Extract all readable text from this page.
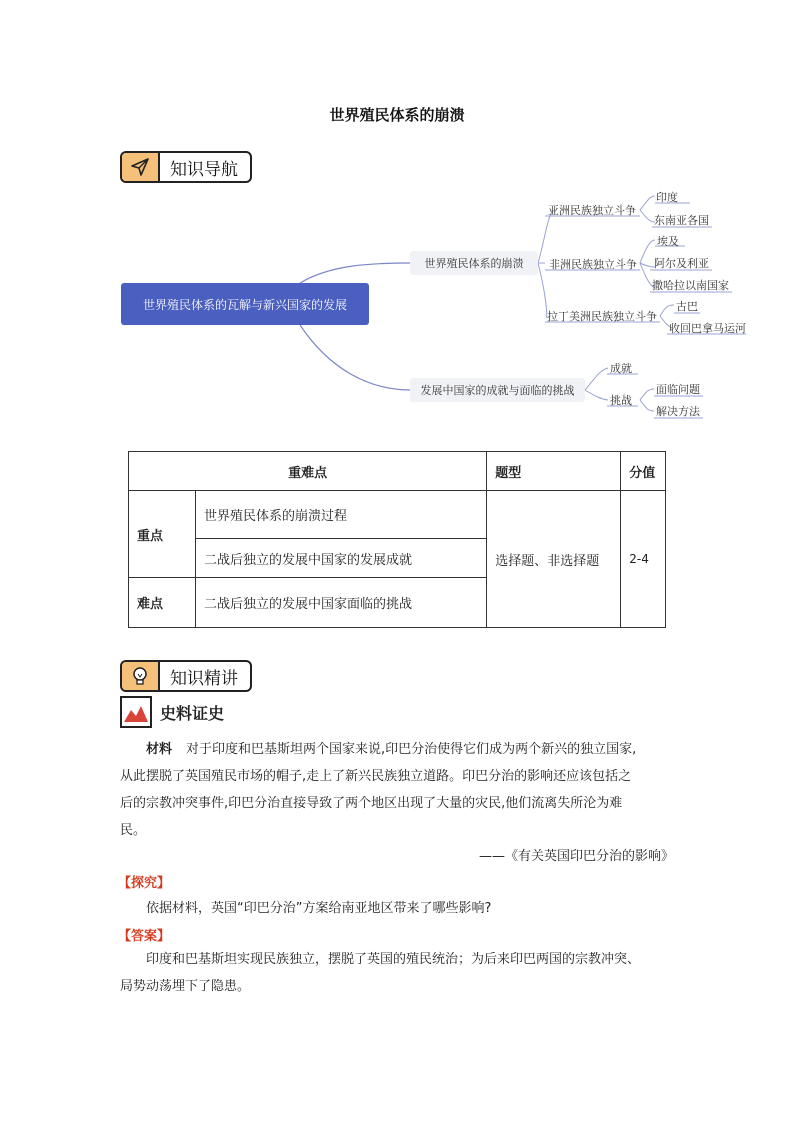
世界殖民体系的崩溃
知识导航
世界殖民体系的瓦解与新兴国家的发展
世界殖民体系的崩溃
发展中国家的成就与面临的挑战
亚洲民族独立斗争
印度
东南亚各国
非洲民族独立斗争
埃及
阿尔及利亚
撒哈拉以南国家
拉丁美洲民族独立斗争
古巴
收回巴拿马运河
成就
挑战
面临问题
解决方法
重难点		题型	分值
重点	世界殖民体系的崩溃过程	选择题、非选择题	2-4
	二战后独立的发展中国家的发展成就		
难点	二战后独立的发展中国家面临的挑战		
知识精讲
史料证史
材料 对于印度和巴基斯坦两个国家来说,印巴分治使得它们成为两个新兴的独立国家,
从此摆脱了英国殖民市场的帽子,走上了新兴民族独立道路。印巴分治的影响还应该包括之
后的宗教冲突事件,印巴分治直接导致了两个地区出现了大量的灾民,他们流离失所沦为难
民。
——《有关英国印巴分治的影响》
【探究】
依据材料，英国“印巴分治”方案给南亚地区带来了哪些影响?
【答案】
印度和巴基斯坦实现民族独立，摆脱了英国的殖民统治；为后来印巴两国的宗教冲突、
局势动荡埋下了隐患。
